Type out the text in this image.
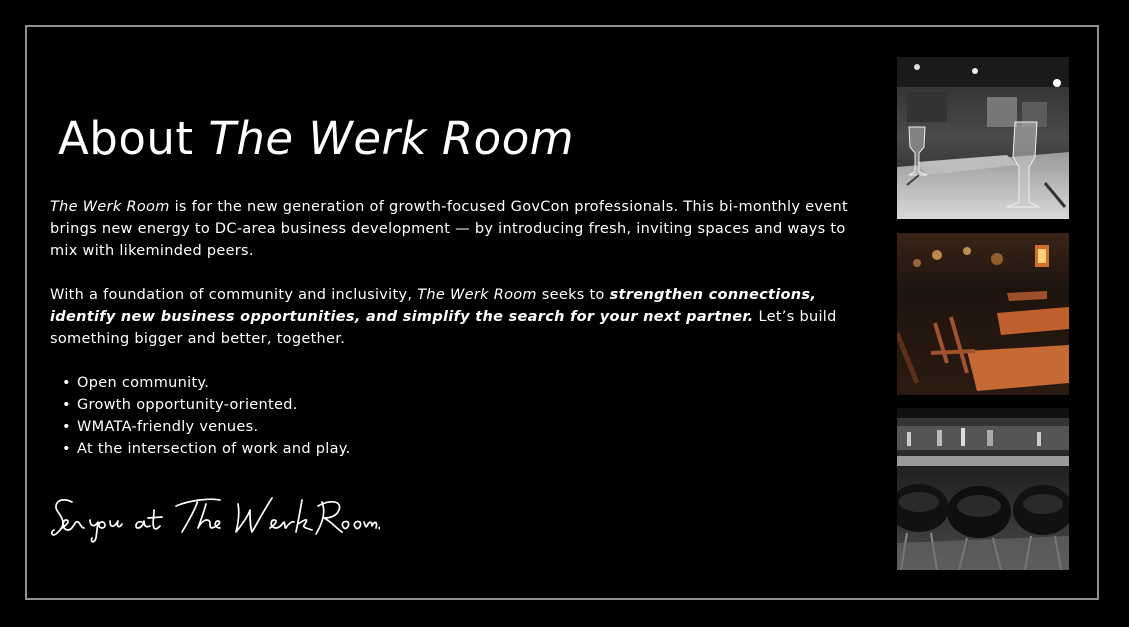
About The Werk Room

The Werk Room is for the new generation of growth-focused GovCon professionals. This bi-monthly event brings new energy to DC-area business development — by introducing fresh, inviting spaces and ways to mix with likeminded peers.

With a foundation of community and inclusivity, The Werk Room seeks to strengthen connections, identify new business opportunities, and simplify the search for your next partner. Let’s build something bigger and better, together.

• Open community.
• Growth opportunity-oriented.
• WMATA-friendly venues.
• At the intersection of work and play.
